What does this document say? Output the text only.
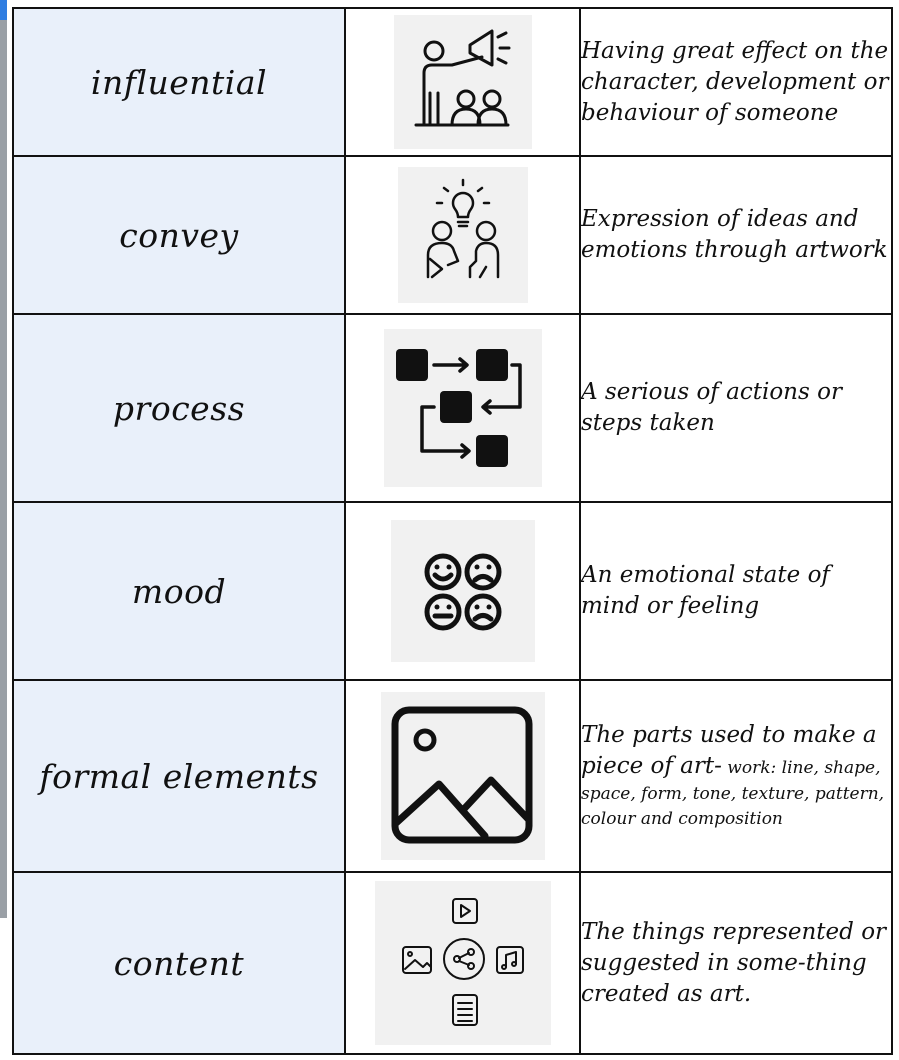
influential		Having great effect on the character, development or behaviour of someone
convey		Expression of ideas and emotions through artwork
process		A serious of actions or steps taken
mood		An emotional state of mind or feeling
formal elements		The parts used to make a piece of art- work: line, shape, space, form, tone, texture, pattern, colour and composition
content		The things represented or suggested in some-thing created as art.
